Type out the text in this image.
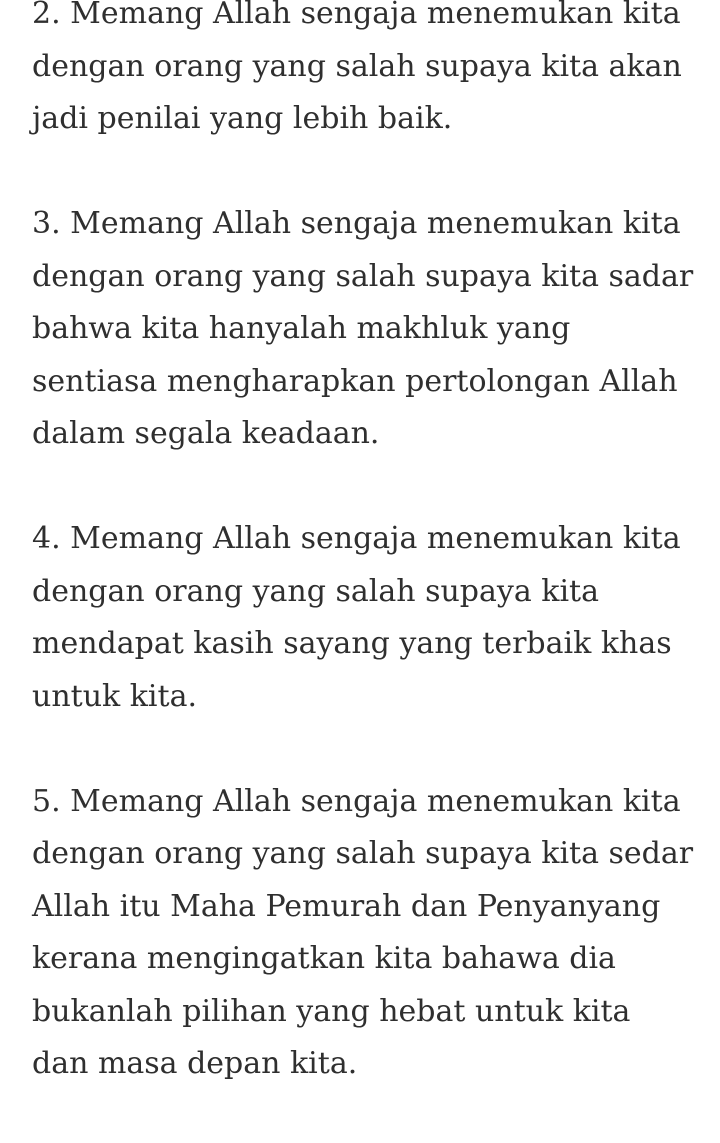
2. Memang Allah sengaja menemukan kita
dengan orang yang salah supaya kita akan
jadi penilai yang lebih baik.

3. Memang Allah sengaja menemukan kita
dengan orang yang salah supaya kita sadar
bahwa kita hanyalah makhluk yang
sentiasa mengharapkan pertolongan Allah
dalam segala keadaan.

4. Memang Allah sengaja menemukan kita
dengan orang yang salah supaya kita
mendapat kasih sayang yang terbaik khas
untuk kita.

5. Memang Allah sengaja menemukan kita
dengan orang yang salah supaya kita sedar
Allah itu Maha Pemurah dan Penyanyang
kerana mengingatkan kita bahawa dia
bukanlah pilihan yang hebat untuk kita
dan masa depan kita.
